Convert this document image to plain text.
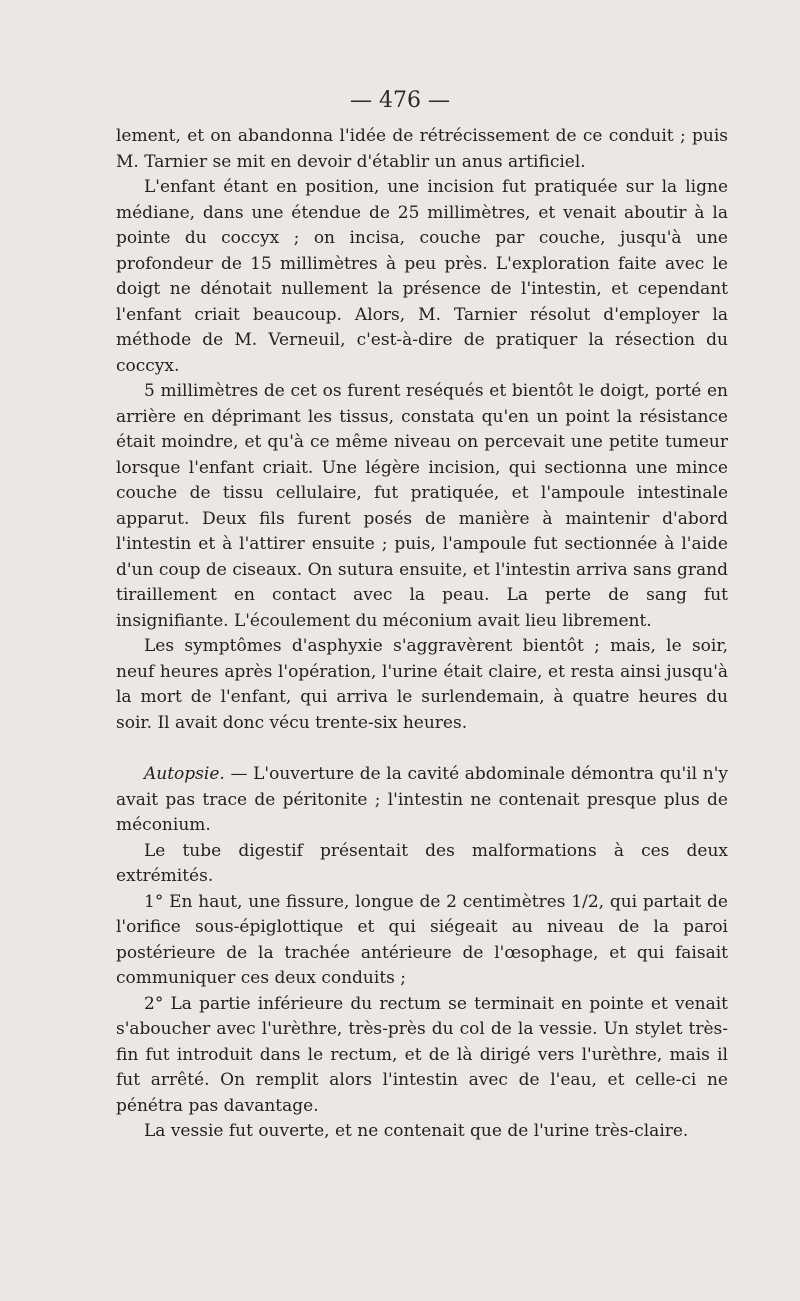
— 476 —

lement, et on abandonna l'idée de rétrécissement de ce conduit ; puis M. Tarnier se mit en devoir d'établir un anus artificiel.

L'enfant étant en position, une incision fut pratiquée sur la ligne médiane, dans une étendue de 25 millimètres, et venait aboutir à la pointe du coccyx ; on incisa, couche par couche, jusqu'à une profondeur de 15 millimètres à peu près. L'exploration faite avec le doigt ne dénotait nullement la présence de l'intestin, et cependant l'enfant criait beaucoup. Alors, M. Tarnier résolut d'employer la méthode de M. Verneuil, c'est-à-dire de pratiquer la résection du coccyx.

5 millimètres de cet os furent reséqués et bientôt le doigt, porté en arrière en déprimant les tissus, constata qu'en un point la résistance était moindre, et qu'à ce même niveau on percevait une petite tumeur lorsque l'enfant criait. Une légère incision, qui sectionna une mince couche de tissu cellulaire, fut pratiquée, et l'ampoule intestinale apparut. Deux fils furent posés de manière à maintenir d'abord l'intestin et à l'attirer ensuite ; puis, l'ampoule fut sectionnée à l'aide d'un coup de ciseaux. On sutura ensuite, et l'intestin arriva sans grand tiraillement en contact avec la peau. La perte de sang fut insignifiante. L'écoulement du méconium avait lieu librement.

Les symptômes d'asphyxie s'aggravèrent bientôt ; mais, le soir, neuf heures après l'opération, l'urine était claire, et resta ainsi jusqu'à la mort de l'enfant, qui arriva le surlendemain, à quatre heures du soir. Il avait donc vécu trente-six heures.

Autopsie. — L'ouverture de la cavité abdominale démontra qu'il n'y avait pas trace de péritonite ; l'intestin ne contenait presque plus de méconium.

Le tube digestif présentait des malformations à ces deux extrémités.

1° En haut, une fissure, longue de 2 centimètres 1/2, qui partait de l'orifice sous-épiglottique et qui siégeait au niveau de la paroi postérieure de la trachée antérieure de l'œsophage, et qui faisait communiquer ces deux conduits ;

2° La partie inférieure du rectum se terminait en pointe et venait s'aboucher avec l'urèthre, très-près du col de la vessie. Un stylet très-fin fut introduit dans le rectum, et de là dirigé vers l'urèthre, mais il fut arrêté. On remplit alors l'intestin avec de l'eau, et celle-ci ne pénétra pas davantage.

La vessie fut ouverte, et ne contenait que de l'urine très-claire.
